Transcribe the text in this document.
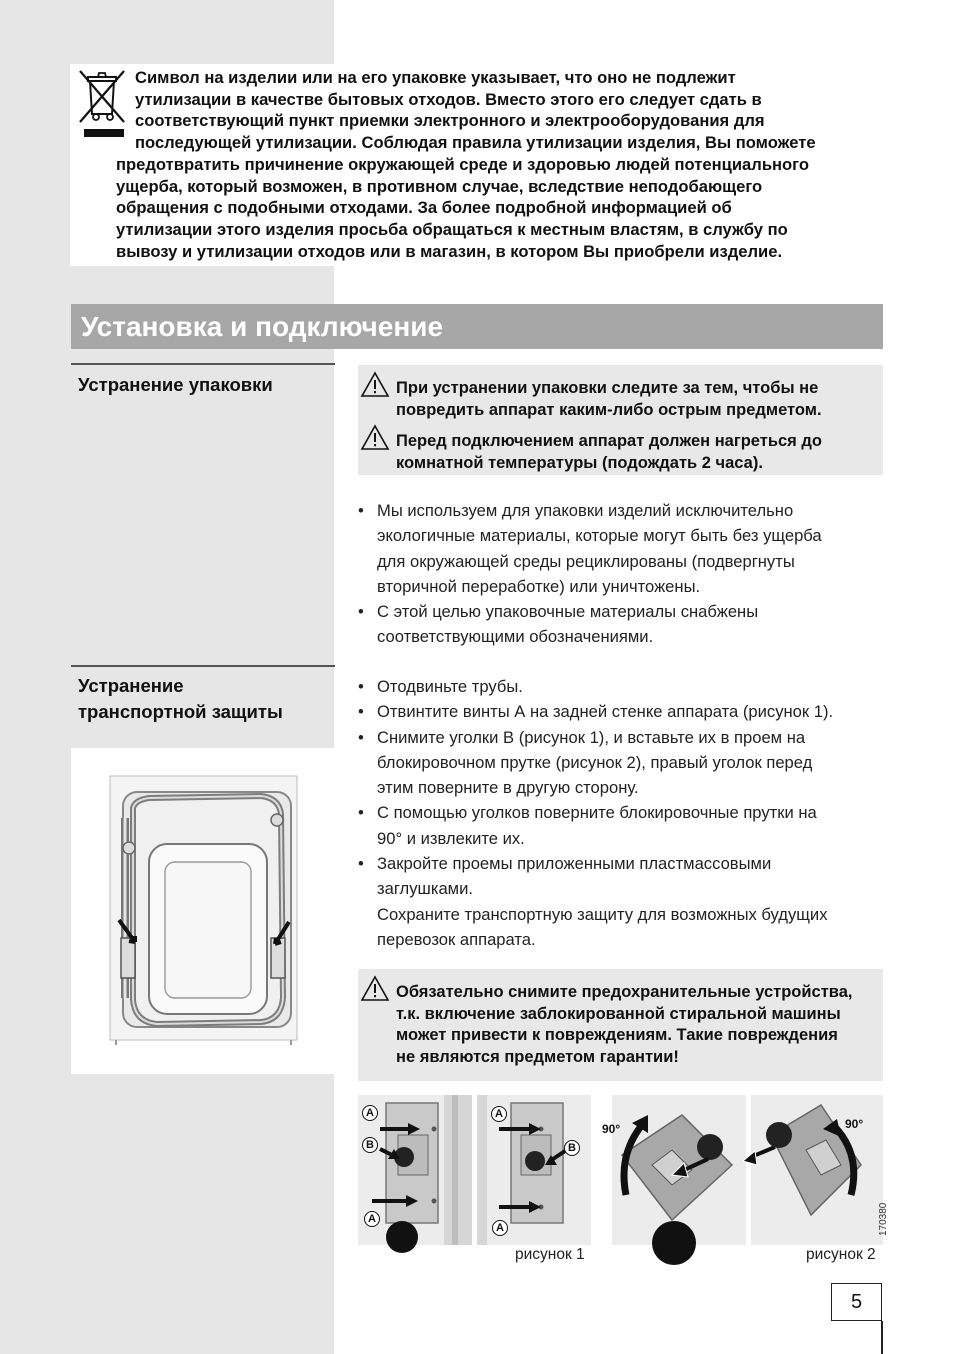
Символ на изделии или на его упаковке указывает, что оно не подлежит
утилизации в качестве бытовых отходов. Вместо этого его следует сдать в
соответствующий пункт приемки электронного и электрооборудования для
последующей утилизации. Соблюдая правила утилизации изделия, Вы поможете
предотвратить причинение окружающей среде и здоровью людей потенциального
ущерба, который возможен, в противном случае, вследствие неподобающего
обращения с подобными отходами. За более подробной информацией об
утилизации этого изделия просьба обращаться к местным властям, в службу по
вывозу и утилизации отходов или в магазин, в котором Вы приобрели изделие.
Установка и подключение
Устранение упаковки	При устранении упаковки следите за тем, чтобы не
повредить аппарат каким-либо острым предметом.
Перед подключением аппарат должен нагреться до
комнатной температуры (подождать 2 часа).
• Мы используем для упаковки изделий исключительно
экологичные материалы, которые могут быть без ущерба
для окружающей среды рециклированы (подвергнуты
вторичной переработке) или уничтожены.
• С этой целью упаковочные материалы снабжены
соответствующими обозначениями.
Устранение
транспортной защиты
• Отодвиньте трубы.
• Отвинтите винты А на задней стенке аппарата (рисунок 1).
• Снимите уголки В (рисунок 1), и вставьте их в проем на
блокировочном прутке (рисунок 2), правый уголок перед
этим поверните в другую сторону.
• С помощью уголков поверните блокировочные прутки на
90° и извлеките их.
• Закройте проемы приложенными пластмассовыми
заглушками.
Сохраните транспортную защиту для возможных будущих
перевозок аппарата.
Обязательно снимите предохранительные устройства,
т.к. включение заблокированной стиральной машины
может привести к повреждениям. Такие повреждения
не являются предметом гарантии!
A
B
A
A
B
A
рисунок 1
90°	90°
рисунок 2
170380
5
